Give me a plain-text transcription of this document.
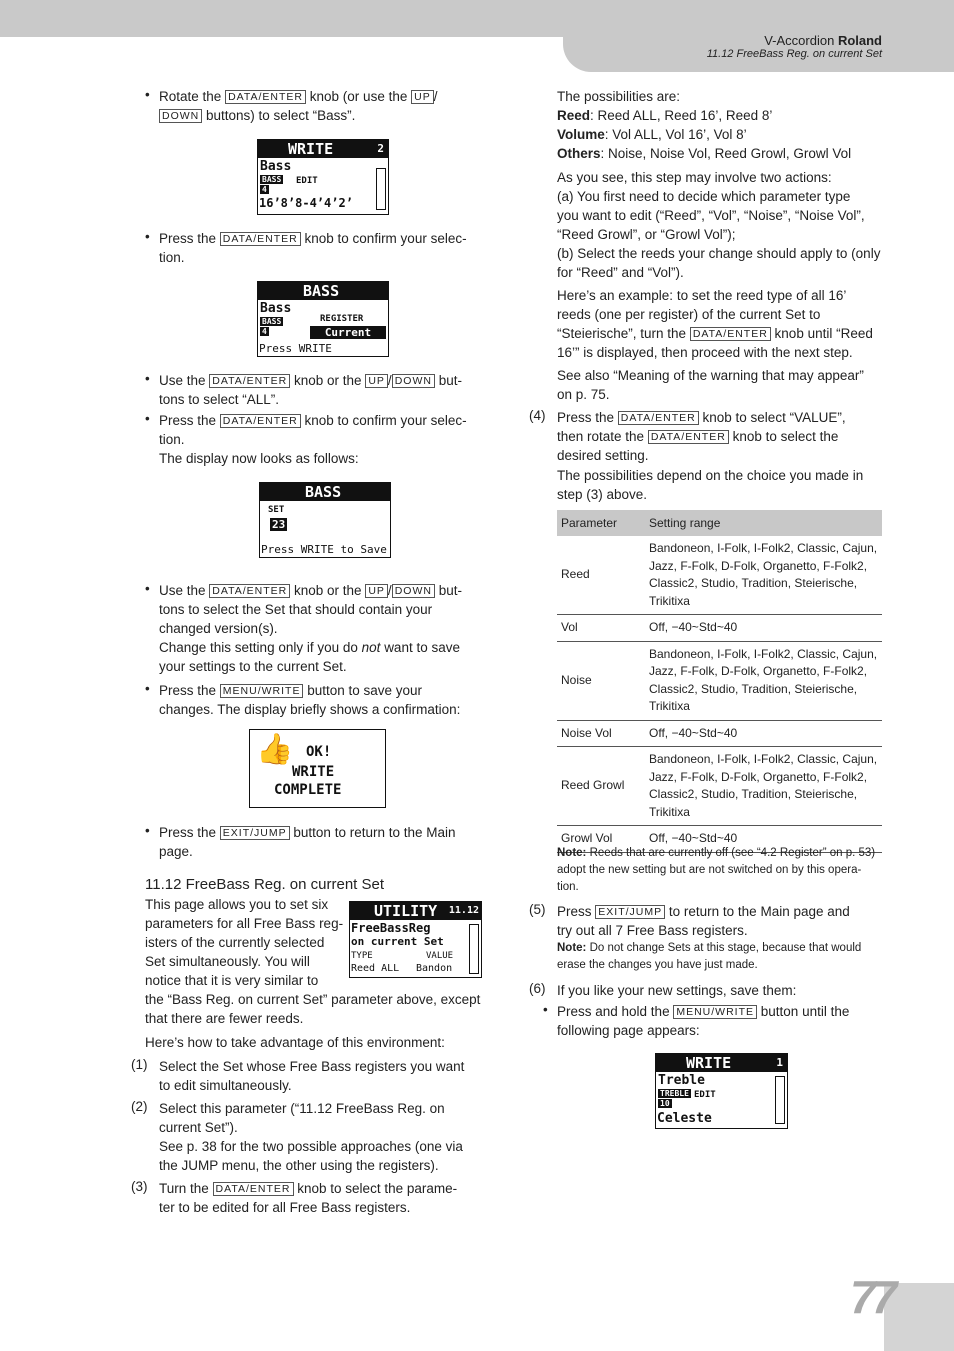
V-Accordion Roland
11.12 FreeBass Reg. on current Set
77
• Rotate the DATA/ENTER knob (or use the UP /
DOWN buttons) to select “Bass”.

WRITE	2
Bass
BASS
4
EDIT
16’8’8-4’4’2’
• Press the DATA/ENTER knob to confirm your selec-
tion.

BASS
Bass
BASS
4
REGISTER
Current
Press WRITE
• Use the DATA/ENTER knob or the UP / DOWN but-
tons to select “ALL”.

• Press the DATA/ENTER knob to confirm your selec-
tion.
The display now looks as follows:

BASS
SET
23
Press WRITE to Save
• Use the DATA/ENTER knob or the UP / DOWN but-
tons to select the Set that should contain your
changed version(s).
Change this setting only if you do not want to save
your settings to the current Set.

• Press the MENU/WRITE button to save your
changes. The display briefly shows a confirmation:

👍 OK!
WRITE
COMPLETE
• Press the EXIT/JUMP button to return to the Main
page.

11.12 FreeBass Reg. on current Set
UTILITY 11.12
FreeBassReg
on current Set
TYPE	VALUE
Reed ALL Bandon

This page allows you to set six
parameters for all Free Bass reg-
isters of the currently selected
Set simultaneously. You will
notice that it is very similar to
the “Bass Reg. on current Set” parameter above, except
that there are fewer reeds.

Here’s how to take advantage of this environment:

(1) Select the Set whose Free Bass registers you want
to edit simultaneously.

(2) Select this parameter (“11.12 FreeBass Reg. on
current Set”).

See p. 38 for the two possible approaches (one via
the JUMP menu, the other using the registers).

(3) Turn the DATA/ENTER knob to select the parame-
ter to be edited for all Free Bass registers.

The possibilities are:
Reed: Reed ALL, Reed 16’, Reed 8’
Volume: Vol ALL, Vol 16’, Vol 8’
Others: Noise, Noise Vol, Reed Growl, Growl Vol

As you see, this step may involve two actions:
(a) You first need to decide which parameter type
you want to edit (“Reed”, “Vol”, “Noise”, “Noise Vol”,
“Reed Growl”, or “Growl Vol”);
(b) Select the reeds your change should apply to (only
for “Reed” and “Vol”).

Here’s an example: to set the reed type of all 16’
reeds (one per register) of the current Set to
“Steierische”, turn the DATA/ENTER knob until “Reed
16’” is displayed, then proceed with the next step.

See also “Meaning of the warning that may appear”
on p. 75.

(4) Press the DATA/ENTER knob to select “VALUE”,
then rotate the DATA/ENTER knob to select the
desired setting.

The possibilities depend on the choice you made in
step (3) above.

Parameter	Setting range
Reed	Bandoneon, I-Folk, I-Folk2, Classic, Cajun, Jazz, F-Folk, D-Folk, Organetto, F-Folk2, Classic2, Studio, Tradition, Steierische, Trikitixa
Vol	Off, −40~Std~40
Noise	Bandoneon, I-Folk, I-Folk2, Classic, Cajun, Jazz, F-Folk, D-Folk, Organetto, F-Folk2, Classic2, Studio, Tradition, Steierische, Trikitixa
Noise Vol	Off, −40~Std~40
Reed Growl	Bandoneon, I-Folk, I-Folk2, Classic, Cajun, Jazz, F-Folk, D-Folk, Organetto, F-Folk2, Classic2, Studio, Tradition, Steierische, Trikitixa
Growl Vol	Off, −40~Std~40

Note: Reeds that are currently off (see “4.2 Register” on p. 53)
adopt the new setting but are not switched on by this opera-
tion.

(5) Press EXIT/JUMP to return to the Main page and
try out all 7 Free Bass registers.

Note: Do not change Sets at this stage, because that would
erase the changes you have just made.

(6) If you like your new settings, save them:

• Press and hold the MENU/WRITE button until the
following page appears:

WRITE	1
Treble
TREBLE
10
EDIT
Celeste
